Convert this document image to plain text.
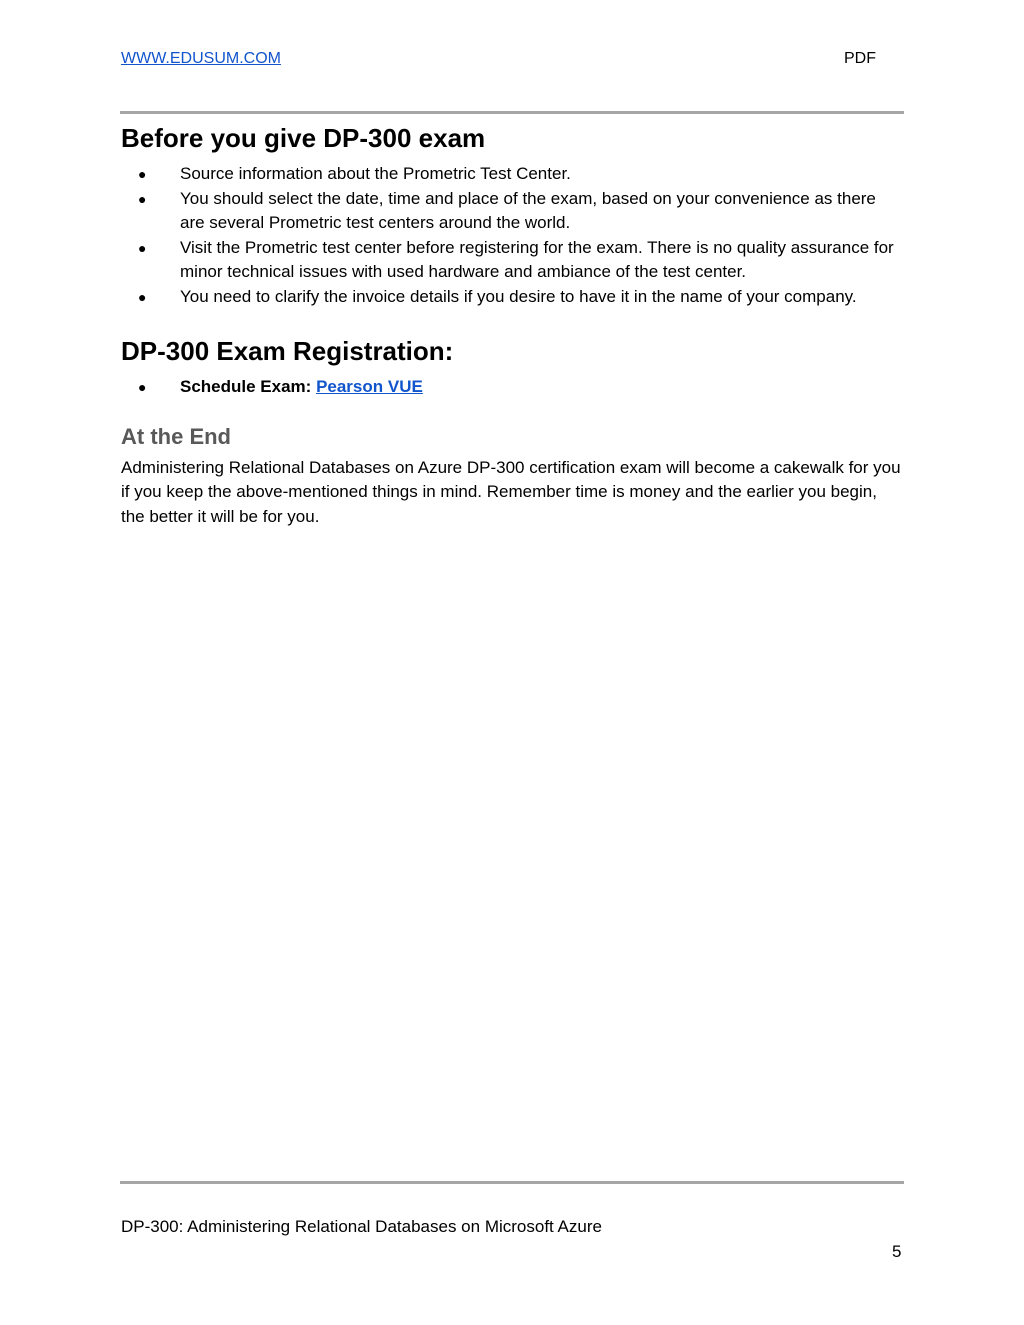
WWW.EDUSUM.COM	PDF
Before you give DP-300 exam
● Source information about the Prometric Test Center.
● You should select the date, time and place of the exam, based on your convenience as there are several Prometric test centers around the world.
● Visit the Prometric test center before registering for the exam. There is no quality assurance for minor technical issues with used hardware and ambiance of the test center.
● You need to clarify the invoice details if you desire to have it in the name of your company.
DP-300 Exam Registration:
● Schedule Exam: Pearson VUE
At the End

Administering Relational Databases on Azure DP-300 certification exam will become a cakewalk for you if you keep the above-mentioned things in mind. Remember time is money and the earlier you begin, the better it will be for you.

DP-300: Administering Relational Databases on Microsoft Azure
5
